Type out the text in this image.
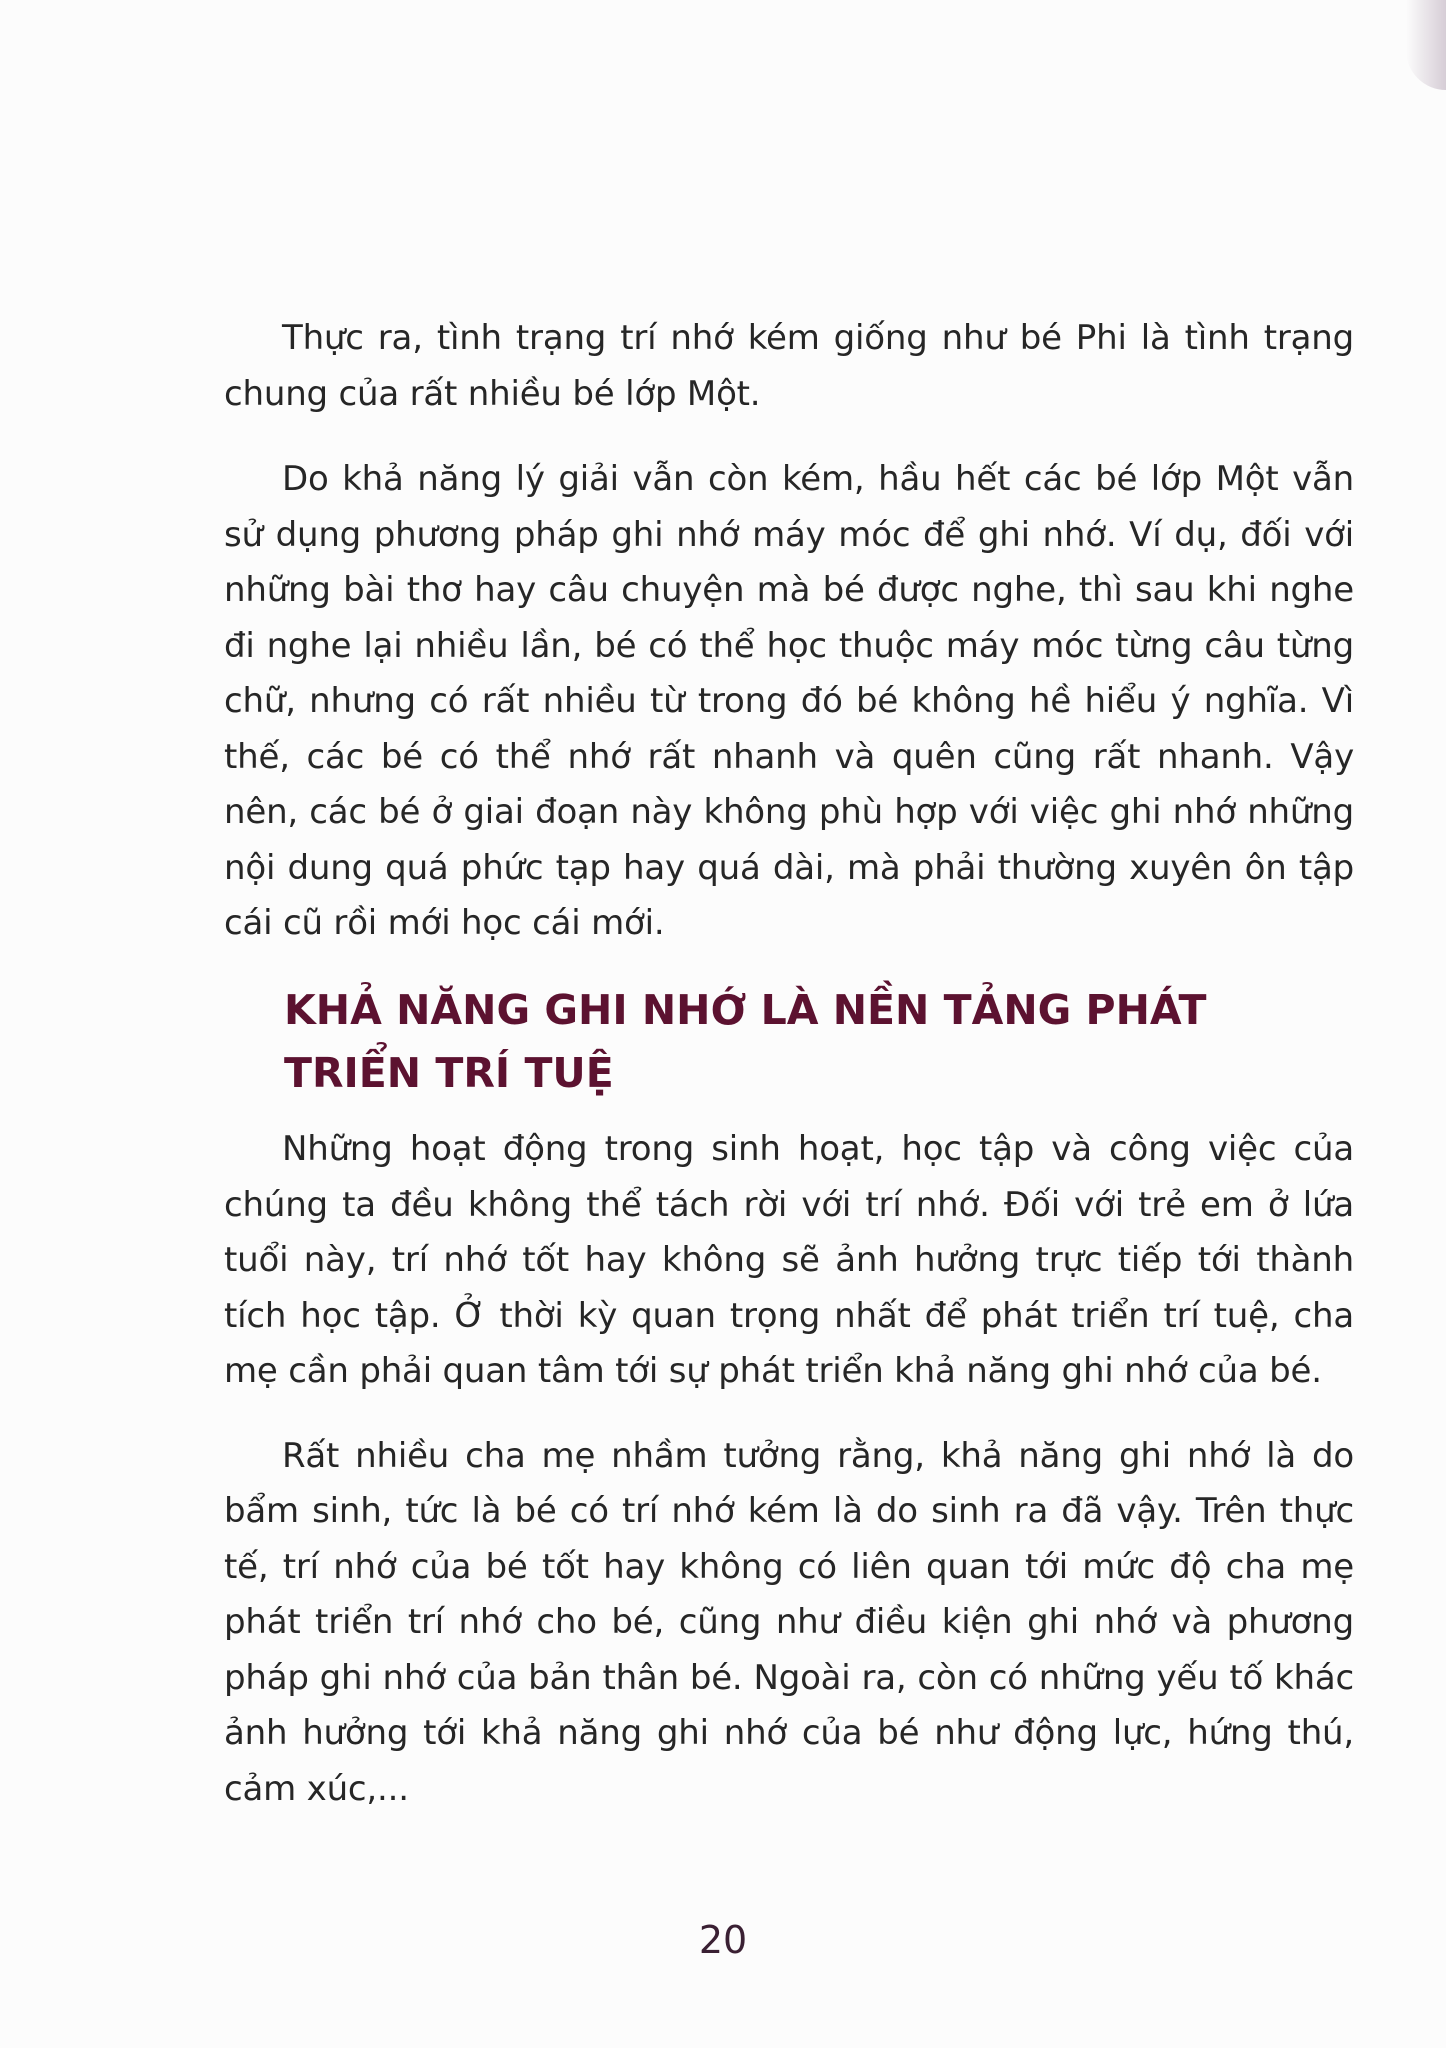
Thực ra, tình trạng trí nhớ kém giống như bé Phi là tình trạng chung của rất nhiều bé lớp Một.

Do khả năng lý giải vẫn còn kém, hầu hết các bé lớp Một vẫn sử dụng phương pháp ghi nhớ máy móc để ghi nhớ. Ví dụ, đối với những bài thơ hay câu chuyện mà bé được nghe, thì sau khi nghe đi nghe lại nhiều lần, bé có thể học thuộc máy móc từng câu từng chữ, nhưng có rất nhiều từ trong đó bé không hề hiểu ý nghĩa. Vì thế, các bé có thể nhớ rất nhanh và quên cũng rất nhanh. Vậy nên, các bé ở giai đoạn này không phù hợp với việc ghi nhớ những nội dung quá phức tạp hay quá dài, mà phải thường xuyên ôn tập cái cũ rồi mới học cái mới.

KHẢ NĂNG GHI NHỚ LÀ NỀN TẢNG PHÁT TRIỂN TRÍ TUỆ

Những hoạt động trong sinh hoạt, học tập và công việc của chúng ta đều không thể tách rời với trí nhớ. Đối với trẻ em ở lứa tuổi này, trí nhớ tốt hay không sẽ ảnh hưởng trực tiếp tới thành tích học tập. Ở thời kỳ quan trọng nhất để phát triển trí tuệ, cha mẹ cần phải quan tâm tới sự phát triển khả năng ghi nhớ của bé.

Rất nhiều cha mẹ nhầm tưởng rằng, khả năng ghi nhớ là do bẩm sinh, tức là bé có trí nhớ kém là do sinh ra đã vậy. Trên thực tế, trí nhớ của bé tốt hay không có liên quan tới mức độ cha mẹ phát triển trí nhớ cho bé, cũng như điều kiện ghi nhớ và phương pháp ghi nhớ của bản thân bé. Ngoài ra, còn có những yếu tố khác ảnh hưởng tới khả năng ghi nhớ của bé như động lực, hứng thú, cảm xúc,...

20
